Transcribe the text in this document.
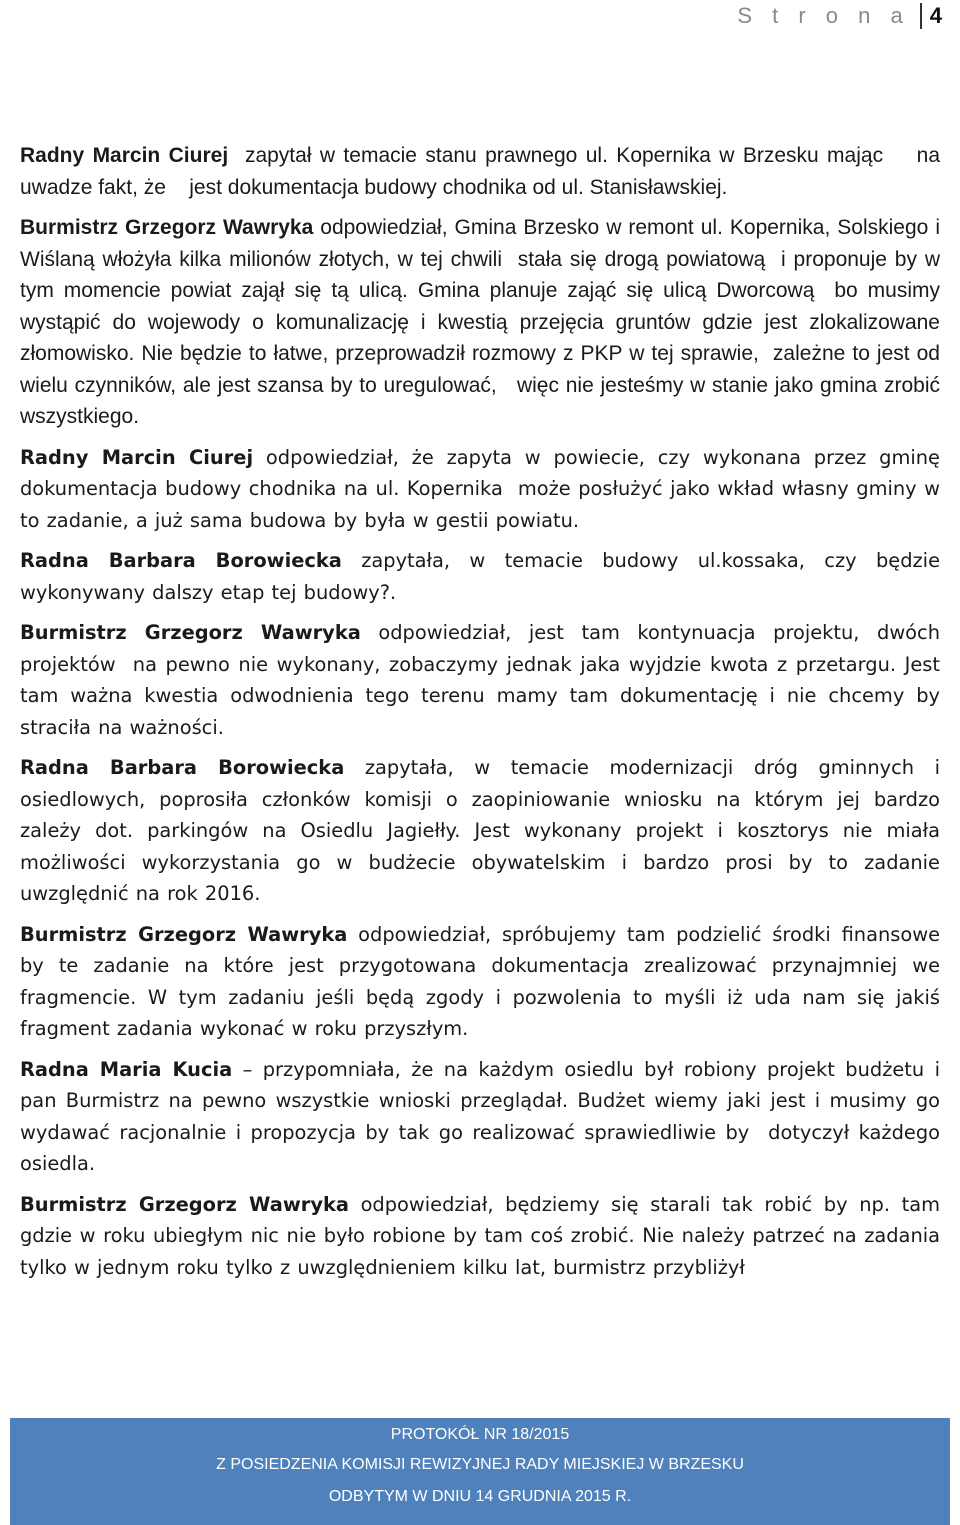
S t r o n a 4

Radny Marcin Ciurej  zapytał w temacie stanu prawnego ul. Kopernika w Brzesku mając    na uwadze fakt, że    jest dokumentacja budowy chodnika od ul. Stanisławskiej.

Burmistrz Grzegorz Wawryka odpowiedział, Gmina Brzesko w remont ul. Kopernika, Solskiego i Wiślaną włożyła kilka milionów złotych, w tej chwili  stała się drogą powiatową  i proponuje by w tym momencie powiat zajął się tą ulicą. Gmina planuje zająć się ulicą Dworcową  bo musimy wystąpić do wojewody o komunalizację i kwestią przejęcia gruntów gdzie jest zlokalizowane złomowisko. Nie będzie to łatwe, przeprowadził rozmowy z PKP w tej sprawie,  zależne to jest od wielu czynników, ale jest szansa by to uregulować,   więc nie jesteśmy w stanie jako gmina zrobić wszystkiego.

Radny Marcin Ciurej odpowiedział, że zapyta w powiecie, czy wykonana przez gminę dokumentacja budowy chodnika na ul. Kopernika  może posłużyć jako wkład własny gminy w to zadanie, a już sama budowa by była w gestii powiatu.

Radna Barbara Borowiecka zapytała, w temacie budowy ul.kossaka, czy będzie wykonywany dalszy etap tej budowy?.

Burmistrz Grzegorz Wawryka odpowiedział, jest tam kontynuacja projektu, dwóch projektów  na pewno nie wykonany, zobaczymy jednak jaka wyjdzie kwota z przetargu. Jest tam ważna kwestia odwodnienia tego terenu mamy tam dokumentację i nie chcemy by straciła na ważności.

Radna Barbara Borowiecka zapytała, w temacie modernizacji dróg gminnych i osiedlowych, poprosiła członków komisji o zaopiniowanie wniosku na którym jej bardzo zależy dot. parkingów na Osiedlu Jagiełły. Jest wykonany projekt i kosztorys nie miała możliwości wykorzystania go w budżecie obywatelskim i bardzo prosi by to zadanie uwzględnić na rok 2016.

Burmistrz Grzegorz Wawryka odpowiedział, spróbujemy tam podzielić środki finansowe by te zadanie na które jest przygotowana dokumentacja zrealizować przynajmniej we fragmencie. W tym zadaniu jeśli będą zgody i pozwolenia to myśli iż uda nam się jakiś fragment zadania wykonać w roku przyszłym.

Radna Maria Kucia – przypomniała, że na każdym osiedlu był robiony projekt budżetu i pan Burmistrz na pewno wszystkie wnioski przeglądał. Budżet wiemy jaki jest i musimy go wydawać racjonalnie i propozycja by tak go realizować sprawiedliwie by  dotyczył każdego osiedla.

Burmistrz Grzegorz Wawryka odpowiedział, będziemy się starali tak robić by np. tam gdzie w roku ubiegłym nic nie było robione by tam coś zrobić. Nie należy patrzeć na zadania tylko w jednym roku tylko z uwzględnieniem kilku lat, burmistrz przybliżył

PROTOKÓŁ NR 18/2015
Z POSIEDZENIA KOMISJI REWIZYJNEJ RADY MIEJSKIEJ W BRZESKU
ODBYTYM W DNIU 14 GRUDNIA 2015 R.
